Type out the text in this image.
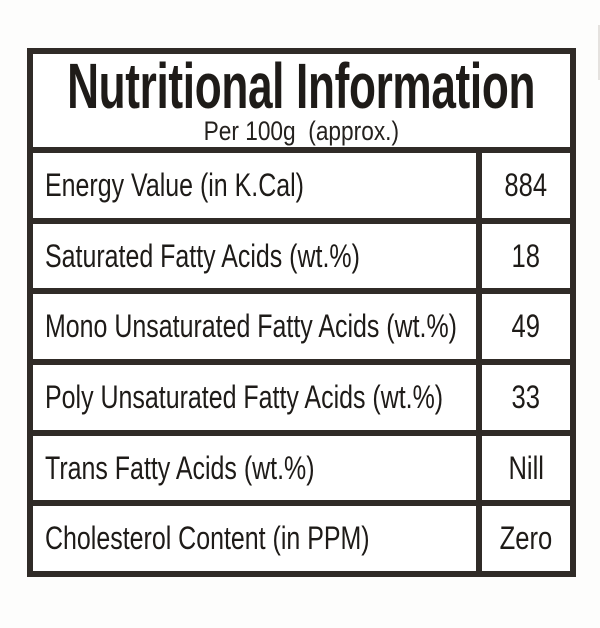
Nutritional Information
Per 100g  (approx.)
Energy Value (in K.Cal)	884
Saturated Fatty Acids (wt.%)	18
Mono Unsaturated Fatty Acids (wt.%) 49
Poly Unsaturated Fatty Acids (wt.%) 33
Trans Fatty Acids (wt.%)	Nill
Cholesterol Content (in PPM)	Zero
